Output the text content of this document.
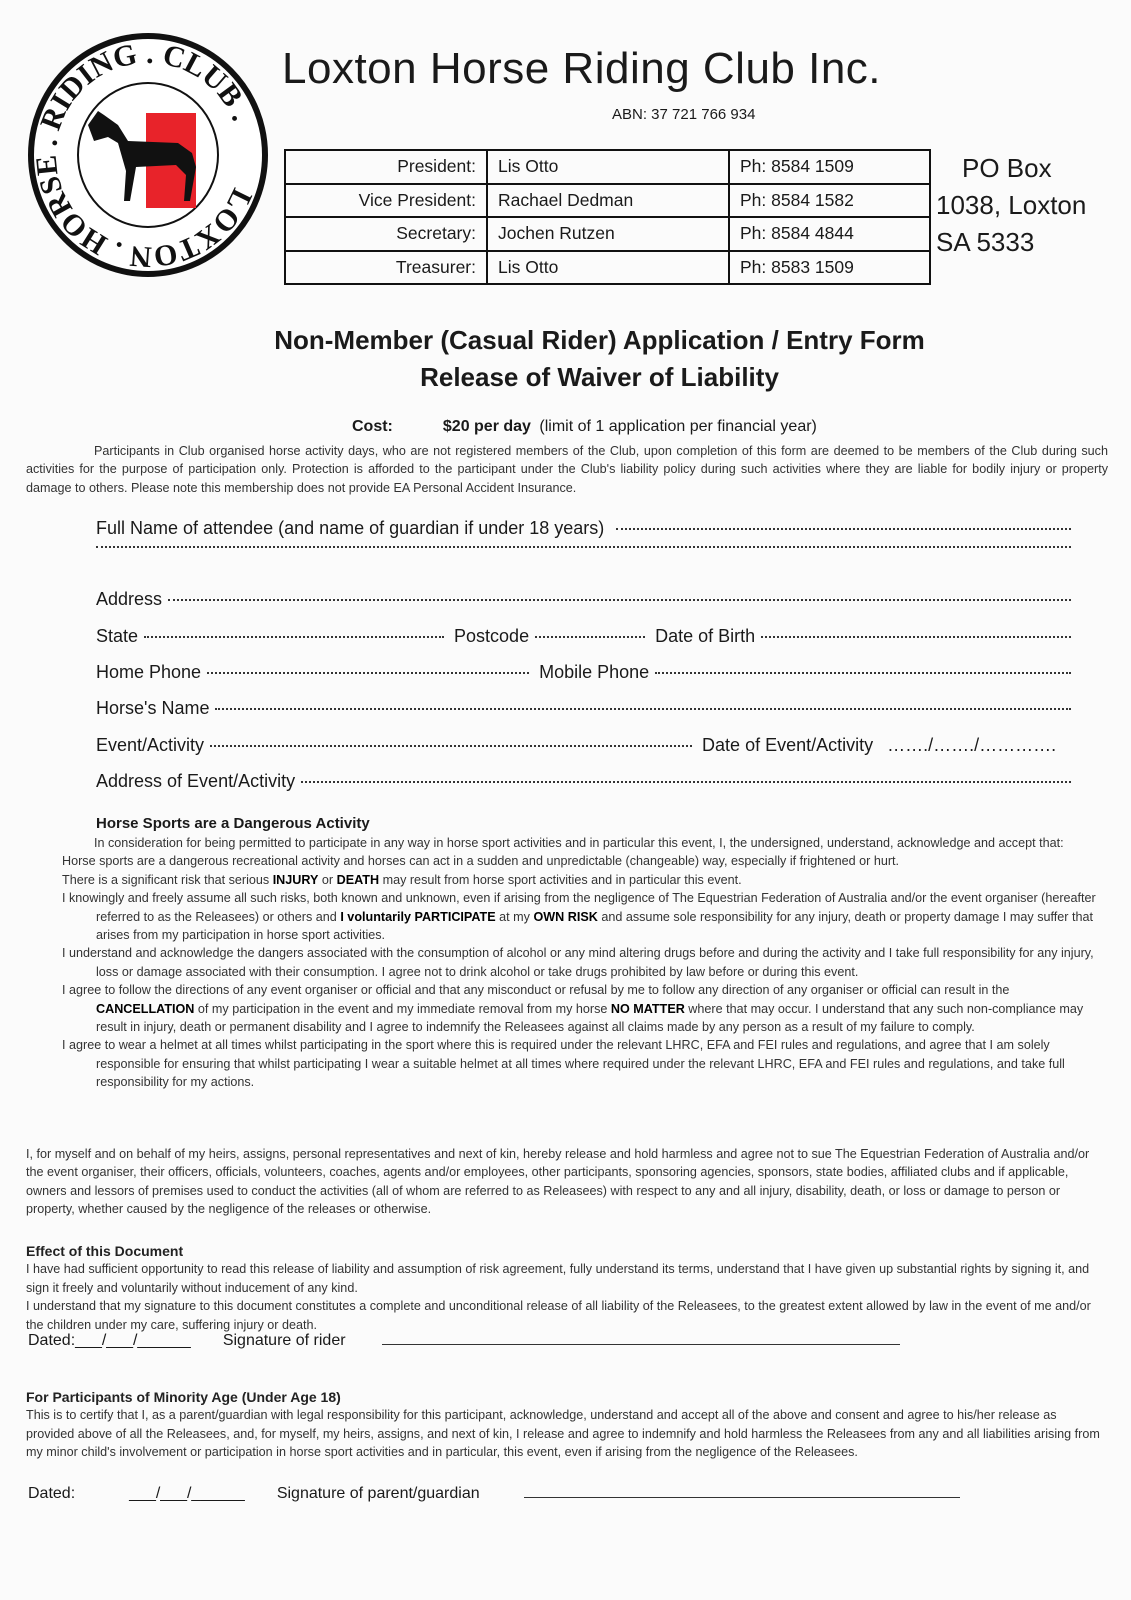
LOXTON . HORSE . RIDING . CLUB .
Loxton Horse Riding Club Inc.
ABN: 37 721 766 934
President:	Lis Otto	Ph: 8584 1509
Vice President:	Rachael Dedman	Ph: 8584 1582
Secretary:	Jochen Rutzen	Ph: 8584 4844
Treasurer:	Lis Otto	Ph: 8583 1509
PO Box
1038, Loxton
SA 5333
Non-Member (Casual Rider) Application / Entry Form
Release of Waiver of Liability
Cost:	$20 per day (limit of 1 application per financial year)
Participants in Club organised horse activity days, who are not registered members of the Club, upon completion of this form are deemed to be members of the Club during such activities for the purpose of participation only. Protection is afforded to the participant under the Club's liability policy during such activities where they are liable for bodily injury or property damage to others. Please note this membership does not provide EA Personal Accident Insurance.
Full Name of attendee (and name of guardian if under 18 years)
Address
State	Postcode	Date of Birth
Home Phone	Mobile Phone
Horse's Name
Event/Activity	Date of Event/Activity ……./……./………….
Address of Event/Activity
Horse Sports are a Dangerous Activity
In consideration for being permitted to participate in any way in horse sport activities and in particular this event, I, the undersigned, understand, acknowledge and accept that:
Horse sports are a dangerous recreational activity and horses can act in a sudden and unpredictable (changeable) way, especially if frightened or hurt.
There is a significant risk that serious INJURY or DEATH may result from horse sport activities and in particular this event.
I knowingly and freely assume all such risks, both known and unknown, even if arising from the negligence of The Equestrian Federation of Australia and/or the event organiser (hereafter referred to as the Releasees) or others and I voluntarily PARTICIPATE at my OWN RISK and assume sole responsibility for any injury, death or property damage I may suffer that arises from my participation in horse sport activities.
I understand and acknowledge the dangers associated with the consumption of alcohol or any mind altering drugs before and during the activity and I take full responsibility for any injury, loss or damage associated with their consumption. I agree not to drink alcohol or take drugs prohibited by law before or during this event.
I agree to follow the directions of any event organiser or official and that any misconduct or refusal by me to follow any direction of any organiser or official can result in the CANCELLATION of my participation in the event and my immediate removal from my horse NO MATTER where that may occur. I understand that any such non-compliance may result in injury, death or permanent disability and I agree to indemnify the Releasees against all claims made by any person as a result of my failure to comply.
I agree to wear a helmet at all times whilst participating in the sport where this is required under the relevant LHRC, EFA and FEI rules and regulations, and agree that I am solely responsible for ensuring that whilst participating I wear a suitable helmet at all times where required under the relevant LHRC, EFA and FEI rules and regulations, and take full responsibility for my actions.
I, for myself and on behalf of my heirs, assigns, personal representatives and next of kin, hereby release and hold harmless and agree not to sue The Equestrian Federation of Australia and/or the event organiser, their officers, officials, volunteers, coaches, agents and/or employees, other participants, sponsoring agencies, sponsors, state bodies, affiliated clubs and if applicable, owners and lessors of premises used to conduct the activities (all of whom are referred to as Releasees) with respect to any and all injury, disability, death, or loss or damage to person or property, whether caused by the negligence of the releases or otherwise.
Effect of this Document
I have had sufficient opportunity to read this release of liability and assumption of risk agreement, fully understand its terms, understand that I have given up substantial rights by signing it, and sign it freely and voluntarily without inducement of any kind.
I understand that my signature to this document constitutes a complete and unconditional release of all liability of the Releasees, to the greatest extent allowed by law in the event of me and/or the children under my care, suffering injury or death.
Dated: ___/___/______ Signature of rider
For Participants of Minority Age (Under Age 18)
This is to certify that I, as a parent/guardian with legal responsibility for this participant, acknowledge, understand and accept all of the above and consent and agree to his/her release as provided above of all the Releasees, and, for myself, my heirs, assigns, and next of kin, I release and agree to indemnify and hold harmless the Releasees from any and all liabilities arising from my minor child's involvement or participation in horse sport activities and in particular, this event, even if arising from the negligence of the Releasees.
Dated:	___/___/______ Signature of parent/guardian
